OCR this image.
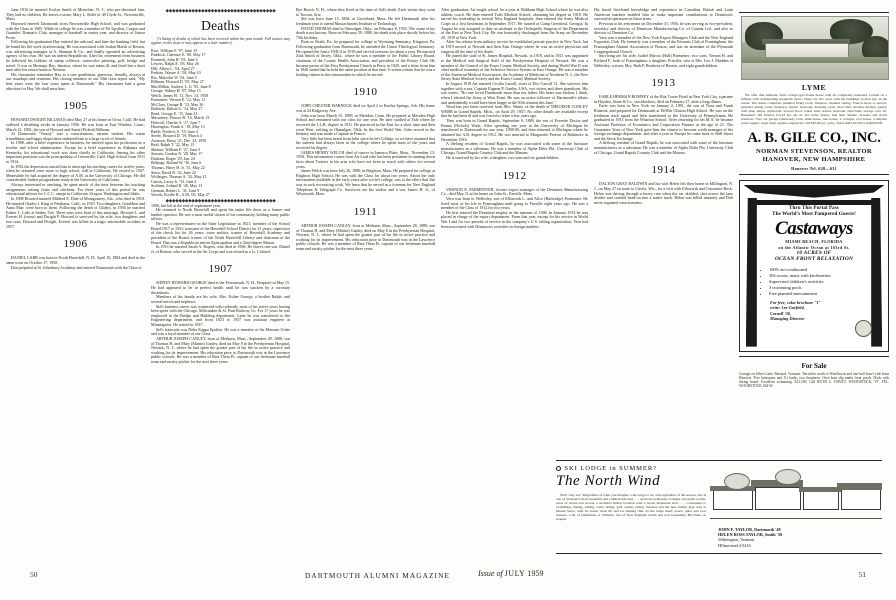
June 1916 he married Evelyn Smith of Montclair, N. J., who pre-deceased him. They had no children. He leaves a sister, Mary L. Rolfe of 49 Clyde St., Newtonville, Mass.

Hayward entered Dartmouth from Newtonville High School, and was graduated with the Class in 1905. While in college he was a member of Psi Upsilon, Casque and Gauntlet, Dramatic Club, manager of baseball in senior year, and director of Junior Prom.

Following his graduation Hay entered the railroad, and later the banking field, but he found his life work in advertising. He was associated with Jordan Marsh of Boston, was advertising manager at A. Shuman & Co., and finally operated an advertising agency of his own. He was an ardent Republican. After his retirement from business he followed his hobbies of stamp collector, watercolor painting, golf, bridge and travel. It was in Montego Bay, Jamaica, where he was taken ill, and lived but a short time after his return home to Newton.

His classmates remember Hay as a true gentleman, generous, friendly, always at our roundups and reunions. His closing sentence in our 50th class report said, "My best years were the four years spent at Dartmouth." His classmates had a great affection for Hay. We shall miss him.

1905

HOWARD DWIGHT BILLMAN died May 27 at his home in Orosi, Calif. He had suffered a disabling stroke in January 1956. He was born in East Windsor, Conn., March 21, 1882, the son of Howard and Annie (Pickett) Billman.

At Dartmouth "Varsity" was a conscientious, earnest student. His warm friendliness and happy disposition endeared him to a large circle of friends.

In 1908, after a brief experience in business, he entered upon his profession as a teacher and school administrator. Except for a brief experience in Alabama and Kentucky, his educational work was done chiefly in California. Among his other important positions was the principalship of Greenville, Calif. High School from 1911 to 1914.

In 1932 the depression caused him to interrupt his teaching career for twelve years, when he returned once more to high school, still in California. He retired in 1947. Meanwhile he had acquired the degree of A.M. at the University of Chicago. He did considerable further postgraduate study at the University of California.

Always interested in ranching, he spent much of the time between his teaching assignments raising fruits and chickens. For three years of this period he was educational adviser for C.C.C. camps in California, Oregon, Washington and Idaho.

In 1908 Howard married Mildred E. Dale of Montgomery, Ala., who died in 1918. He married Gladys I. King of Petaluma, Calif., in 1919. Two daughters, Geraldine and Anna Mae, were born to them. Following the death of Gladys, in 1936 he married Esther L. Lisle at Salem, Ore. Three sons were born of this marriage, Howard L. and Everett H. (twins) and Dwight P. Howard is survived by his wife, two daughters and two sons, Howard and Dwight. Everett was killed in a tragic automobile accident in 1957.

1906

DANIEL CARR was born in North Haverhill, N. H., April 10, 1884 and died in the same town on October 17, 1958.

Dan prepared at St. Johnsbury Academy and entered Dartmouth with the Class of

◆◆◆◆◆◆◆◆◆◆◆◆◆◆◆◆◆◆◆◆◆◆◆◆◆◆◆◆◆◆◆◆◆◆
Deaths
[A listing of deaths of which has been received within the past month. Full notices may appear in this issue or may appear in a later number.]
Rice, William F. '97, June 15
Paddock, Clarence E. '00, May 17
Kennedy, John H. '03, June 2
Lewers, Ralph E. '03, May 26
Hill, Albert L. '04, April 27
Perkins, Wayne A. '04, May 10
Rix, Malcolm W. '04, June 5
Billman, Howard D. '05, May 27
MacMillan, Andrew L. Jr. '05, June 8
George, Sidney H. '07, May 15
Welch, James H. '11, Nov. 13, 1958
Parmenter, Vernon E. '12, May 11
McClary, George B. '13, May 30
Baldwin, Dalton G. '14, May 27
Read, George E. '15, June 21
Macartney, Horace B. '16, March 13
Holwall, Charles S. '17, June 7
Harrington, Frank A. '18, May 13
Balch, Frederic S. '19, June 4
Steele, Howard D. '19, March 4
Aronson, Harry '21, Dec. 23, 1958
Reid, Ralph T. '22, May 15
Skinner, William F. '27, June 5
Simons, Gordon N. '28, May 17
Durham, Roger '29, Jan. 24
Belknap, Roland W. '30, June 6
Thomas, Harry H. Jr. '31, May 22
Stern, David B. '32, June 22
Wollasger, Thomas A. '32, May 21
Catron, Lacey Jr. '33, June 4
Scribner, Leland B. '40, May 13
German, Robert L. '41, June 9
Woods, Erville B., A.M. '05, May 27
◆◆◆◆◆◆◆◆◆◆◆◆◆◆◆◆◆◆◆◆◆◆◆◆◆◆◆◆◆◆◆◆◆◆

1906, but left at the end of sophomore year.

He returned to North Haverhill and spent his entire life there as a farmer and lumber operator. He was a most useful citizen of his community, holding many public offices.

He was a representative in the State Legislature in 1921; member of the School Board 1917 to 1931; treasurer of the Haverhill School District for 21 years; supervisor of the check list for 26 years; town auditor; trustee of Haverhill Academy and president of the Board; trustee of the North Haverhill Library and chairman of the Board. Dan was a Republican and an Episcopalian and a 32nd degree Mason.

In 1913 he married Sarah A. Rogers, who died in 1956. He leaves one son, Daniel Jr. of Boston, who served in the Air Corps and was retired as a Lt. Colonel.

1907

SIDNEY HOWARD GEORGE died at the Portsmouth, N. H., Hospital on May 15. He had appeared to be in perfect health until he was stricken by a coronary thrombosis.

Members of his family are his wife, Mrs. Esther George, a brother Ralph, and several nieces and nephews.

Sid's business career was connected with railroads, most of his active years having been spent with the Chicago, Milwaukee & St. Paul Railway Co. For 17 years he was employed in the Bridge and Building department. Later he was transferred to the Engineering department, and from 1923 to 1937 was assistant engineer at Minneapolis. He retired in 1937.

Sid's fraternity was Delta Kappa Epsilon. He was a member of the Masonic Order and was a loyal member of our Class.

ARTHUR JOSEPH CANLEY, born at Methuen, Mass., September 28, 1888, son of Thomas H. and Mary (Martin) Ganley, died on May 8 in the Presbyterian Hospital, Newark, N. J., where he had spent the greater part of his life in active practice and working for its improvement. His education prior to Dartmouth was in the Lawrence public schools. He was a member of Beta Theta Pi, captain of our freshman baseball team and varsity pitcher for the next three years.

Rye Beach, N. H., where they lived at the time of Sid's death. Each winter they went to Tucson, Ariz.

Sid was born June 15, 1884, at Groveland, Mass. He left Dartmouth after his freshman year to attend Massachusetts Institute of Technology.

DAVID THOMAS died in Okmulgee, Okla., on February 8, 1955. The cause of his death is not known. Born on February 29, 1880, his death took place shortly before his 75th birthday.

Born in Neath, Pa., he prepared for college at Wyoming Seminary, Kingston, Pa. Following graduation from Dartmouth, he attended the Union Theological Seminary. He opened the Army YMCA in 1918 and served overseas for about a year. He married Zula Smith of Jersey, Okla., where he was a member of the Public Library Board, chairman of the County Health Association, and president of the Rotary Club. He became pastor of the First Presbyterian Church in Perry in 1929, and a letter from him in 1940 stated that he held the same position at that time. It seems certain that he was a leading citizen in the communities in which he served.

1910

JOHN CHESTER WARNOCK died on April 2 in Eureka Springs, Ark. His home was at 24 Ridgeway Ave.

John was born March 15, 1888, in Meriden, Conn. He prepared at Meriden High School and remained with our class for one year. He later studied at Yale where he received the LL.B. degree in 1911. He practiced in the East for a short time and then went West, settling in Okmulgee, Okla. In the first World War, John served in the Infantry and was made a Captain in France.

Very little has been heard from John since he left College, so we have assumed that his interest had always been in the college where he spent most of the years and received his degree.

JAMES HENRY WELCH died of cancer in Jamaica Plain, Mass., November 13, 1958. This information comes from Art Lord who has been persistent in running down facts about Trotters in his area who have not been in touch with others for several years.

James Welch was born July 26, 1886, in Brighton, Mass. He prepared for college at Brighton High School. He was with the Class for about two years. About the only information available in the early years after we left college, was to the effect that Jim was in rock excavating work. We learn that he served as a foreman for New England Telephone & Telegraph Co. Survivors are his widow and a son, James H. Jr., of Weymouth, Mass.

1911

ARTHUR JOSEPH CANLEY, born at Methuen, Mass., September 28, 1888, son of Thomas H. and Mary (Martin) Ganley, died on May 8 in the Presbyterian Hospital, Newark, N. J., where he had spent the greater part of his life in active practice and working for its improvement. His education prior to Dartmouth was in the Lawrence public schools. He was a member of Beta Theta Pi, captain of our freshman baseball team and varsity pitcher for the next three years.

After graduation, Art taught school for a year at Waltham High School where he was also athletic coach. He then entered Tufts Medical School, obtaining his degree in 1918. He served his internship in several New England hospitals, then entered the Army Medical Corps as a first lieutenant in September 1917. He trained at Camp Greenleaf, Georgia. In August he was assigned to duty as assistant to the Orthopedic Surgeon of the Department of the East at New York City. He was honorably discharged from the Army on December 20, 1918 at New York.

After his release from military service he established private practice in New York, but in 1919 moved to Newark and then East Orange where he was an active physician and surgeon till the time of his death.

He joined the staff of St. James Hospital, Newark, in 1919, and in 1921 was appointed to the Medical and Surgical Staff of the Presbyterian Hospital of Newark. He was a member of the Council of the Essex County Medical Society, and during World War II was chief medical examiner of the Selective Service System in East Orange. He was a member of the American Medical Association, the Academy of Medicine of Northern N. J., the New Jersey State Medical Society and the Essex County Medical Society.

In August 1919 Art married Cecilia Carroll, sister of Doc Carroll '11. She survives him together with a son, Captain Eugene P. Ganley, USA, two sisters and three grandsons. His son writes, "No one loved Dartmouth more than my father. His heart was broken, I think, when I elected the Army at West Point. He was an active follower of Dartmouth's affairs and undoubtedly would have been happy at the 50th reunion this June."

Word has just been received from Mrs. Wanty of the death of THEODOR CONLEY WEBB in Grand Rapids, Mich., on April 29, 1957. No other details are available except that he had been ill and was forced to retire a few years ago.

Theo was born in Grand Rapids, September 9, 1889, the son of Everette Doctor and Emma (Nichols) Watts. After spending one year at the University of Michigan he transferred to Dartmouth for one year, 1908-09, and then returned to Michigan where he obtained the A.B. degree in 1912. He was married to Marguerite Peterse of Baltimore in December 1916.

A lifelong resident of Grand Rapids, he was associated with some of the furniture manufacturers as a salesman. He was a member of Alpha Delta Phi, University Club of Chicago, Grand Rapids Country Club and the Masons.

He is survived by his wife, a daughter, two sons and six grandchildren.

1912

VERNON E. PARMENTER, former export manager of the Dennison Manufacturing Co., died May 11 at his home on John St., Farville, Mass.

Vern was born in Wellesley, son of Ellsworth L. and Alice (Burbridge) Parmenter. He lived most of his life in Framingham until going to Fasville eight years ago. He was a member of the Class of 1912 for two years.

He first entered the Dennison employ in the summer of 1906. In January 1914 he was placed in charge of the export department. From that year, except for his service in World War I and for two periods of service in the company's U.S. selling organization, Vern had been associated with Dennison's activities in foreign markets.

His broad first-hand knowledge and experience in Canadian, British and Latin American markets enabled him to make important contributions to Dennison's successful operations in these areas.

Previous to his retirement on December 31, 1956, he was serving as vice-president, secretary and director of Dennison Manufacturing Co. of Canada Ltd., and also as director of Dennison Co.

Vern was a member of the New York Export Managers Club and the New England Exporters Club. He formerly was a member of the Kiwanis Club of Framingham, the Framingham Alumni Association of Boston, and was an attendant of the Plymouth Congregational Church.

Surviving are his wife, Isabel Marcia (Hall) Parmenter; two sons, Vernon H. and Richard F., both of Framingham; a daughter, Priscilla, who is Mrs. Leo J. Madden of Wellesley; a sister, Mrs. Ruth P. Bradway of Boston, and eight grandchildren.

1913

EARLE HERMAN ROMNEY of the Ritz Tower Hotel in New York City, a partner in Hayden, Stone & Co., stockbrokers, died on February 27, after a long illness.

Earle was born in New York on January 2, 1891, the son of Nora and Frank Rosmitz, and prepared for Dartmouth at DeWitt Clinton High School. He was on the freshman track squad and then transferred to the University of Pennsylvania. He graduated in 1915 from the Wharton School. After returning for his M.A. he became Assistant Professor of Economics and Corporation Finance at the age of 21. The Guarantee Trust of New York gave him the chance to become credit manager of the foreign exchange department, and after a year in Europe he came back to Wall Street and the Stock Exchange.

A lifelong resident of Grand Rapids, he was associated with some of the furniture manufacturers as a salesman. He was a member of Alpha Delta Phi, University Club of Chicago, Grand Rapids Country Club and the Masons.

1914

DALTON GRAY BALDWIN and his wife Helen left their home in Millington, N. J., on May 27 en route to Crivitz, Wis., for a visit with Ellsworth and Constance Bock. Helen was driving through a heavy rain when the car skidded, shot across the lane divider and crashed head-on into a trailer truck. Helen was killed instantly and Dalt never regained consciousness.

LYME
We offer this authentic farm cottage-type frame house with all completely insulated, located on a hillside with commanding mountain views. There are 161 acres with the buildings located app. in the center. The house comprises panelled living room, fireplace, beamed ceiling, French doors to terrace, panelled dining room, fireplace, master bedroom, dressing room, tiled bath, modern kitchen, pantry with sink, ample cupboards. Second floor: Guest suite double bedroom, tiled bath, storage over all. Basement: Oil furnace forced hot air, ul. hot water heater, fuel tank outside. Screens and storm windows. Two car garage (sheltered), barn, milk house, hen house, 2 cottages, tool house. Complete water supply; sugar bush, apples, raspberries. Oil $10.00 (av. year). Taxes $481.00. Price $49,000.00.
A. B. GILE CO., INC.
NORMAN STEVENSON, REALTOR
HANOVER, NEW HAMPSHIRE
Hanover Tel. 620—631
Thru This Portal Pass
The World's Most Pampered Guests!
Castaways
MIAMI BEACH, FLORIDA
on the Atlantic Ocean at 163rd St.
10 ACRES OF
OCEAN FRONT RELAXATION
• 100% air-conditioned
• 304 rooms, many with kitchenettes
• Supervised children's activities
• 3 swimming pools
• Free planned entertainment
For free, color brochure "I"
write: Lee Garfield,
Cornell '36,
Managing Director
For Sale
Cottage on Silver Lake, Barnard, Vermont. Ten miles north of Woodstock and one-half hour's ride from Hanover. Five bedrooms and 1½ baths; two fireplaces. Own boat slip under front porch. Dock with diving board. Excellent swimming. $12,500. Call RUTH C. DAVEY, WOODSTOCK, VT. TEL. WOODSTOCK 264-W.
SKI LODGE in SUMMER?
The North Wind
Well, why not? Regardless of what you imagine a ski lodge to be, and regardless of the season, this is one of Vermont's most beautiful and comfortable inns . . . spacious bedrooms, lounges and game rooms, acres of lawns and woods, a secluded hilltop location with a Green Mountain view . . . convenient to swimming, hiking, sailing, water skiing, golf, tennis, riding, theatres and the new family play area at Mount Snow, with its scenic chair lift and ice skating rink. At the lodge itself, peace, quiet and cool breezes, a bit of badminton or billiards, lots of New England charm and real hospitality. Brochure on request.
JOHN F. TAYLOR, Dartmouth '48
HELEN ROSS TAYLOR, Smith '50
Wilmington, Vermont
HOmestead 4-5416
50	DARTMOUTH ALUMNI MAGAZINE	Issue of JULY 1959	51
